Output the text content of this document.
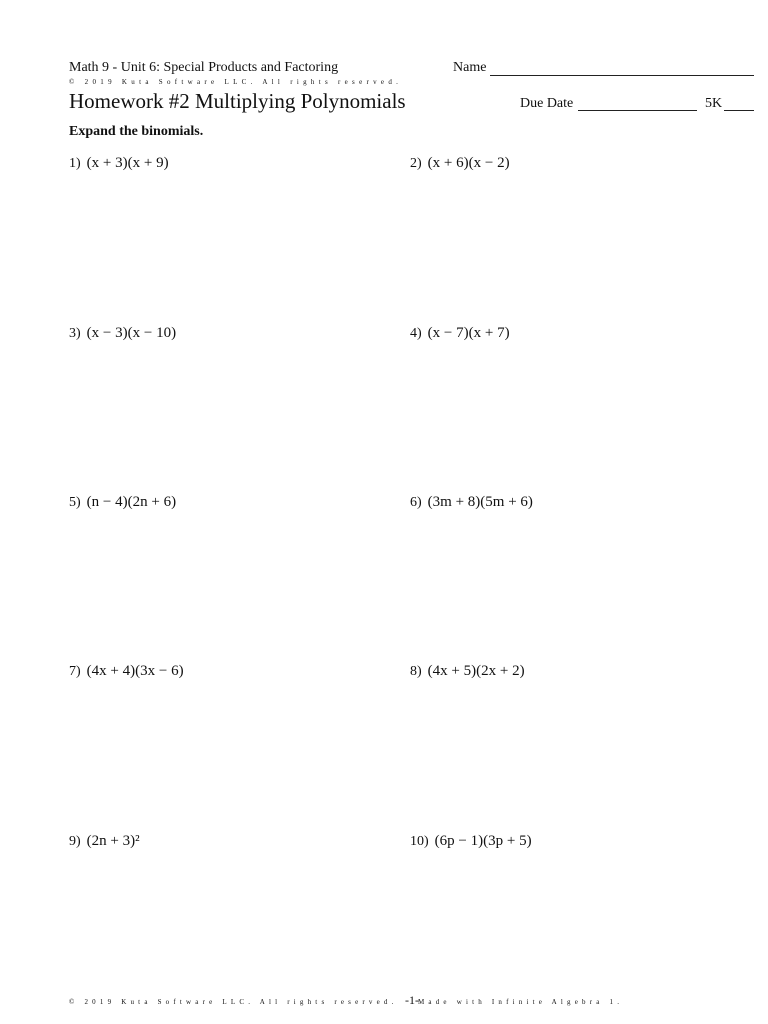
Math 9 - Unit 6: Special Products and Factoring	Name
© 2019 Kuta Software LLC. All rights reserved.
Homework #2 Multiplying Polynomials	Due Date	5K
Expand the binomials.
1) (x + 3)(x + 9)	2) (x + 6)(x − 2)
3) (x − 3)(x − 10)	4) (x − 7)(x + 7)
5) (n − 4)(2n + 6)	6) (3m + 8)(5m + 6)
7) (4x + 4)(3x − 6)	8) (4x + 5)(2x + 2)
9) (2n + 3)²	10) (6p − 1)(3p + 5)
© 2019 Kuta Software LLC. All rights reserved. -1- Made with Infinite Algebra 1.
